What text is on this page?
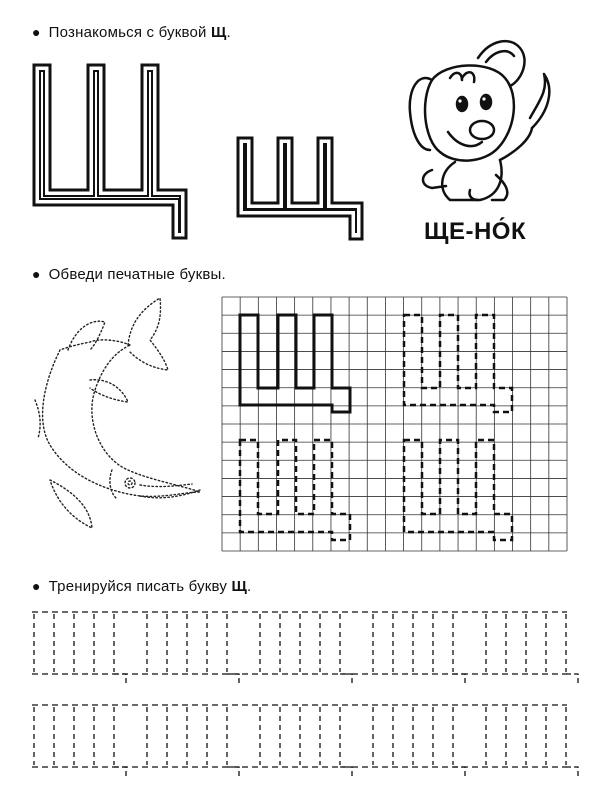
● Познакомься с буквой Щ.
● Обведи печатные буквы.
● Тренируйся писать букву Щ.
ЩЕ-НО́К
